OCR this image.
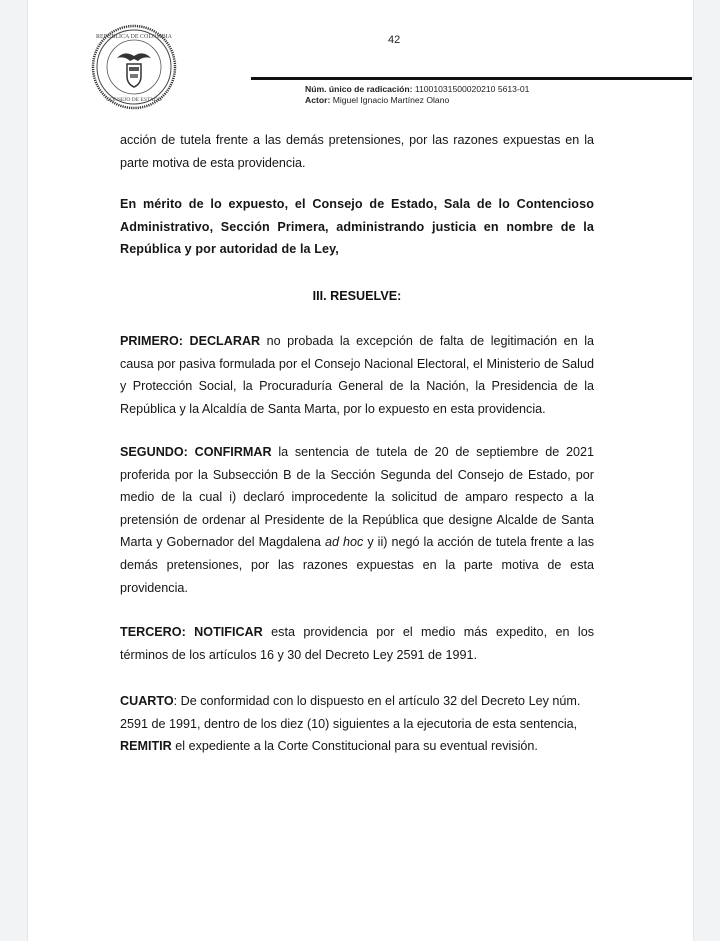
REPÚBLICA DE COLOMBIA
CONSEJO DE ESTADO
42
Núm. único de radicación: 11001031500020210 5613-01
Actor: Miguel Ignacio Martínez Olano

acción de tutela frente a las demás pretensiones, por las razones expuestas en la parte motiva de esta providencia.

En mérito de lo expuesto, el Consejo de Estado, Sala de lo Contencioso Administrativo, Sección Primera, administrando justicia en nombre de la República y por autoridad de la Ley,

III. RESUELVE:

PRIMERO: DECLARAR no probada la excepción de falta de legitimación en la causa por pasiva formulada por el Consejo Nacional Electoral, el Ministerio de Salud y Protección Social, la Procuraduría General de la Nación, la Presidencia de la República y la Alcaldía de Santa Marta, por lo expuesto en esta providencia.

SEGUNDO: CONFIRMAR la sentencia de tutela de 20 de septiembre de 2021 proferida por la Subsección B de la Sección Segunda del Consejo de Estado, por medio de la cual i) declaró improcedente la solicitud de amparo respecto a la pretensión de ordenar al Presidente de la República que designe Alcalde de Santa Marta y Gobernador del Magdalena ad hoc y ii) negó la acción de tutela frente a las demás pretensiones, por las razones expuestas en la parte motiva de esta providencia.

TERCERO: NOTIFICAR esta providencia por el medio más expedito, en los términos de los artículos 16 y 30 del Decreto Ley 2591 de 1991.

CUARTO: De conformidad con lo dispuesto en el artículo 32 del Decreto Ley núm. 2591 de 1991, dentro de los diez (10) siguientes a la ejecutoria de esta sentencia,
REMITIR el expediente a la Corte Constitucional para su eventual revisión.
